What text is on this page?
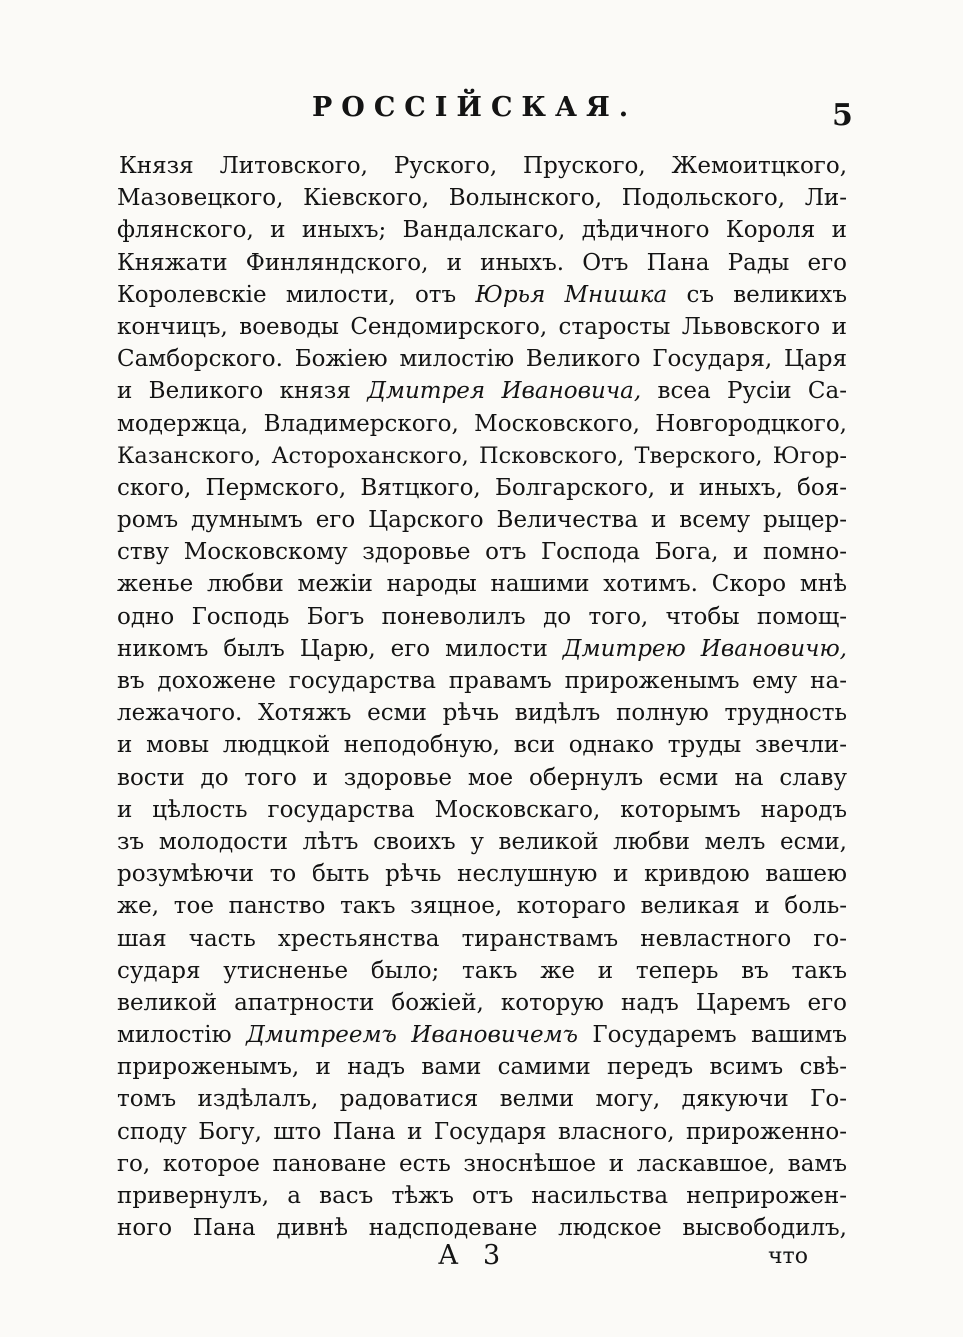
РОССІЙСКАЯ.	5
Князя Литовского, Руского, Пруского, Жемоитцкого,
Мазовецкого, Кіевского, Волынского, Подольского, Ли-
флянского, и иныхъ; Вандалскаго, дѣдичного Короля и
Княжати Финляндского, и иныхъ. Отъ Пана Рады его
Королевскіе милости, отъ Юрья Мнишка съ великихъ
кончицъ, воеводы Сендомирского, старосты Львовского и
Самборского. Божіею милостію Великого Государя, Царя
и Великого князя Дмитрея Ивановича, всеа Русіи Са-
модержца, Владимерского, Московского, Новгородцкого,
Казанского, Астороханского, Псковского, Тверского, Югор-
ского, Пермского, Вятцкого, Болгарского, и иныхъ, боя-
ромъ думнымъ его Царского Величества и всему рыцер-
ству Московскому здоровье отъ Господа Бога, и помно-
женье любви межіи народы нашими хотимъ. Скоро мнѣ
одно Господь Богъ поневолилъ до того, чтобы помощ-
никомъ былъ Царю, его милости Дмитрею Ивановичю,
въ дохожене государства правамъ прироженымъ ему на-
лежачого. Хотяжъ есми рѣчь видѣлъ полную трудность
и мовы людцкой неподобную, вси однако труды звечли-
вости до того и здоровье мое обернулъ есми на славу
и цѣлость государства Московскаго, которымъ народъ
зъ молодости лѣтъ своихъ у великой любви мелъ есми,
розумѣючи то быть рѣчь неслушную и кривдою вашею
же, тое панство такъ зяцное, котораго великая и боль-
шая часть хрестьянства тиранствамъ невластного го-
сударя утисненье было; такъ же и теперь въ такъ
великой апатрности божіей, которую надъ Царемъ его
милостію Дмитреемъ Ивановичемъ Государемъ вашимъ
прироженымъ, и надъ вами самими передъ всимъ свѣ-
томъ издѣлалъ, радоватися велми могу, дякуючи Го-
споду Богу, што Пана и Государя власного, прироженно-
го, которое пановане есть зноснѣшое и ласкавшое, вамъ
привернулъ, а васъ тѣжъ отъ насильства неприрожен-
ного Пана дивнѣ надсподеване людское высвободилъ,
А 3	что
